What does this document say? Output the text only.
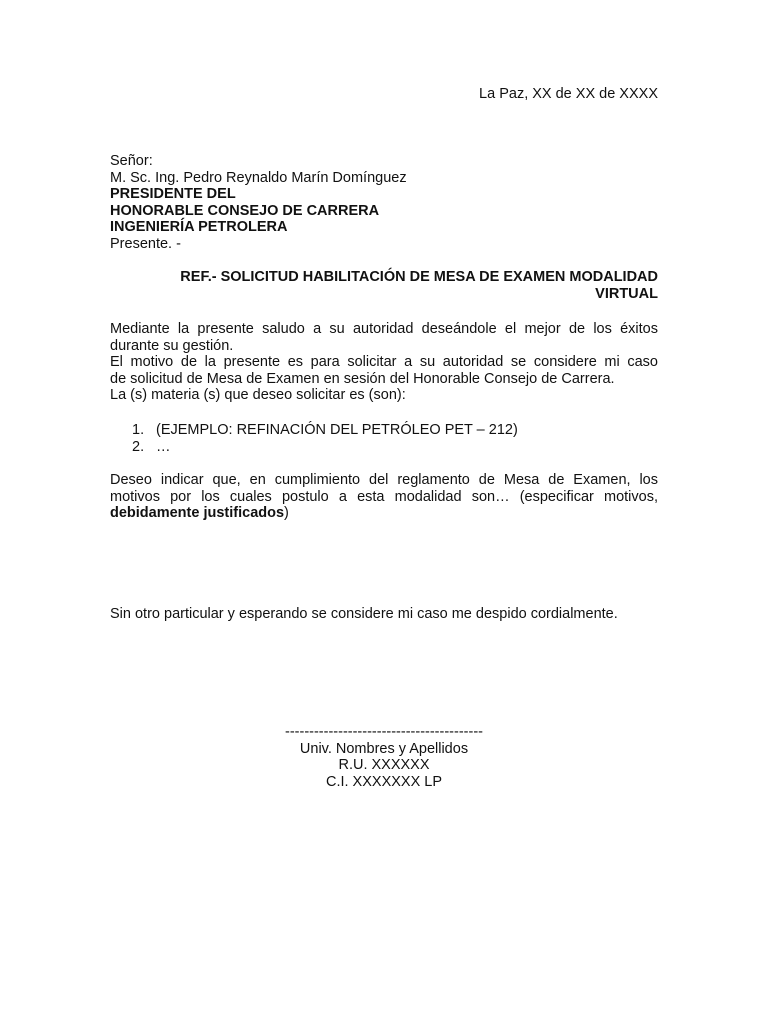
La Paz, XX de XX de XXXX
Señor:
M. Sc. Ing. Pedro Reynaldo Marín Domínguez
PRESIDENTE DEL
HONORABLE CONSEJO DE CARRERA
INGENIERÍA PETROLERA
Presente. -
REF.- SOLICITUD HABILITACIÓN DE MESA DE EXAMEN MODALIDAD
VIRTUAL
Mediante la presente saludo a su autoridad deseándole el mejor de los éxitos
durante su gestión.
El motivo de la presente es para solicitar a su autoridad se considere mi caso
de solicitud de Mesa de Examen en sesión del Honorable Consejo de Carrera.
La (s) materia (s) que deseo solicitar es (son):
1. (EJEMPLO: REFINACIÓN DEL PETRÓLEO PET – 212)
2. …
Deseo indicar que, en cumplimiento del reglamento de Mesa de Examen, los
motivos por los cuales postulo a esta modalidad son… (especificar motivos,
debidamente justificados)
Sin otro particular y esperando se considere mi caso me despido cordialmente.
-----------------------------------------
Univ. Nombres y Apellidos
R.U. XXXXXX
C.I. XXXXXXX LP
